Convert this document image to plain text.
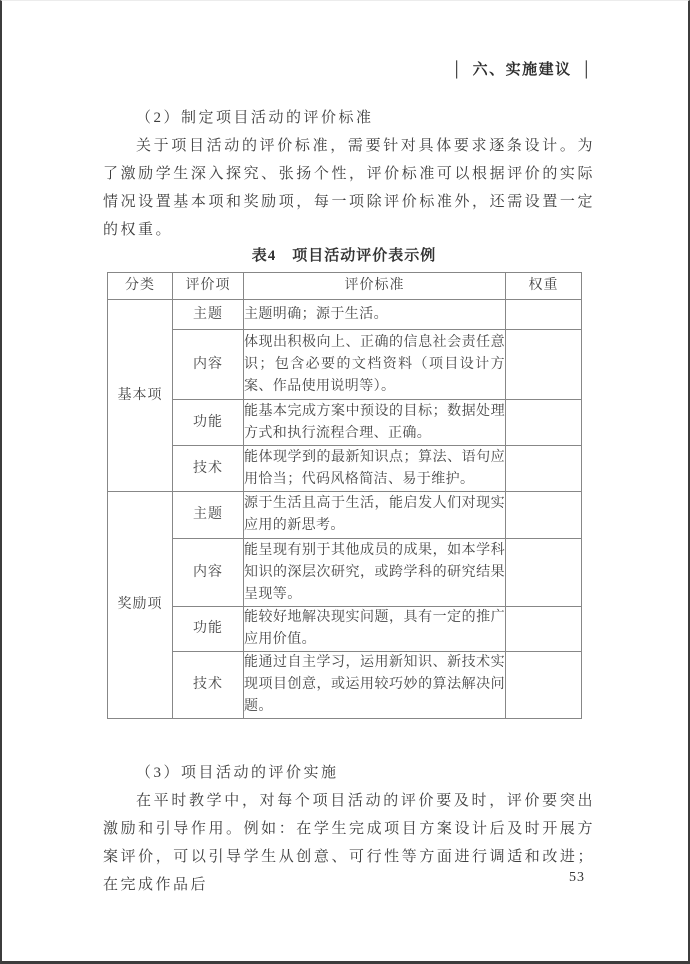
│ 六、实施建议 │

（2）制定项目活动的评价标准

关于项目活动的评价标准，需要针对具体要求逐条设计。为了激励学生深入探究、张扬个性，评价标准可以根据评价的实际情况设置基本项和奖励项，每一项除评价标准外，还需设置一定的权重。

表4　项目活动评价表示例
分类	评价项	评价标准	权重
基本项	主题	主题明确；源于生活。	
	内容	体现出积极向上、正确的信息社会责任意识；包含必要的文档资料（项目设计方案、作品使用说明等）。	
	功能	能基本完成方案中预设的目标；数据处理方式和执行流程合理、正确。	
	技术	能体现学到的最新知识点；算法、语句应用恰当；代码风格简洁、易于维护。	
奖励项	主题	源于生活且高于生活，能启发人们对现实应用的新思考。	
	内容	能呈现有别于其他成员的成果，如本学科知识的深层次研究，或跨学科的研究结果呈现等。	
	功能	能较好地解决现实问题，具有一定的推广应用价值。	
	技术	能通过自主学习，运用新知识、新技术实现项目创意，或运用较巧妙的算法解决问题。	

（3）项目活动的评价实施

在平时教学中，对每个项目活动的评价要及时，评价要突出激励和引导作用。例如：在学生完成项目方案设计后及时开展方案评价，可以引导学生从创意、可行性等方面进行调适和改进；在完成作品后	53
